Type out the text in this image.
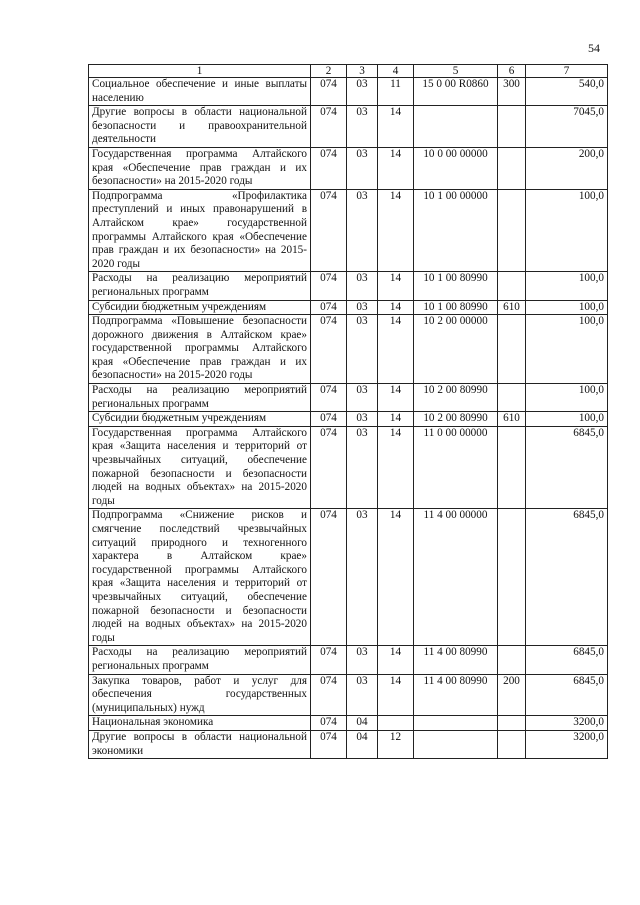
54
1	2	3	4	5	6	7
Социальное обеспечение и иные выплаты населению	074	03	11	15 0 00 R0860	300	540,0
Другие вопросы в области национальной безопасности и правоохранительной деятельности	074	03	14			7045,0
Государственная программа Алтайского края «Обеспечение прав граждан и их безопасности» на 2015-2020 годы	074	03	14	10 0 00 00000		200,0
Подпрограмма «Профилактика преступлений и иных правонарушений в Алтайском крае» государственной программы Алтайского края «Обеспечение прав граждан и их безопасности» на 2015-2020 годы	074	03	14	10 1 00 00000		100,0
Расходы на реализацию мероприятий региональных программ	074	03	14	10 1 00 80990		100,0
Субсидии бюджетным учреждениям	074	03	14	10 1 00 80990	610	100,0
Подпрограмма «Повышение безопасности дорожного движения в Алтайском крае» государственной программы Алтайского края «Обеспечение прав граждан и их безопасности» на 2015-2020 годы	074	03	14	10 2 00 00000		100,0
Расходы на реализацию мероприятий региональных программ	074	03	14	10 2 00 80990		100,0
Субсидии бюджетным учреждениям	074	03	14	10 2 00 80990	610	100,0
Государственная программа Алтайского края «Защита населения и территорий от чрезвычайных ситуаций, обеспечение пожарной безопасности и безопасности людей на водных объектах» на 2015-2020 годы	074	03	14	11 0 00 00000		6845,0
Подпрограмма «Снижение рисков и смягчение последствий чрезвычайных ситуаций природного и техногенного характера в Алтайском крае» государственной программы Алтайского края «Защита населения и территорий от чрезвычайных ситуаций, обеспечение пожарной безопасности и безопасности людей на водных объектах» на 2015-2020 годы	074	03	14	11 4 00 00000		6845,0
Расходы на реализацию мероприятий региональных программ	074	03	14	11 4 00 80990		6845,0
Закупка товаров, работ и услуг для обеспечения государственных (муниципальных) нужд	074	03	14	11 4 00 80990	200	6845,0
Национальная экономика	074	04				3200,0
Другие вопросы в области национальной экономики	074	04	12			3200,0
